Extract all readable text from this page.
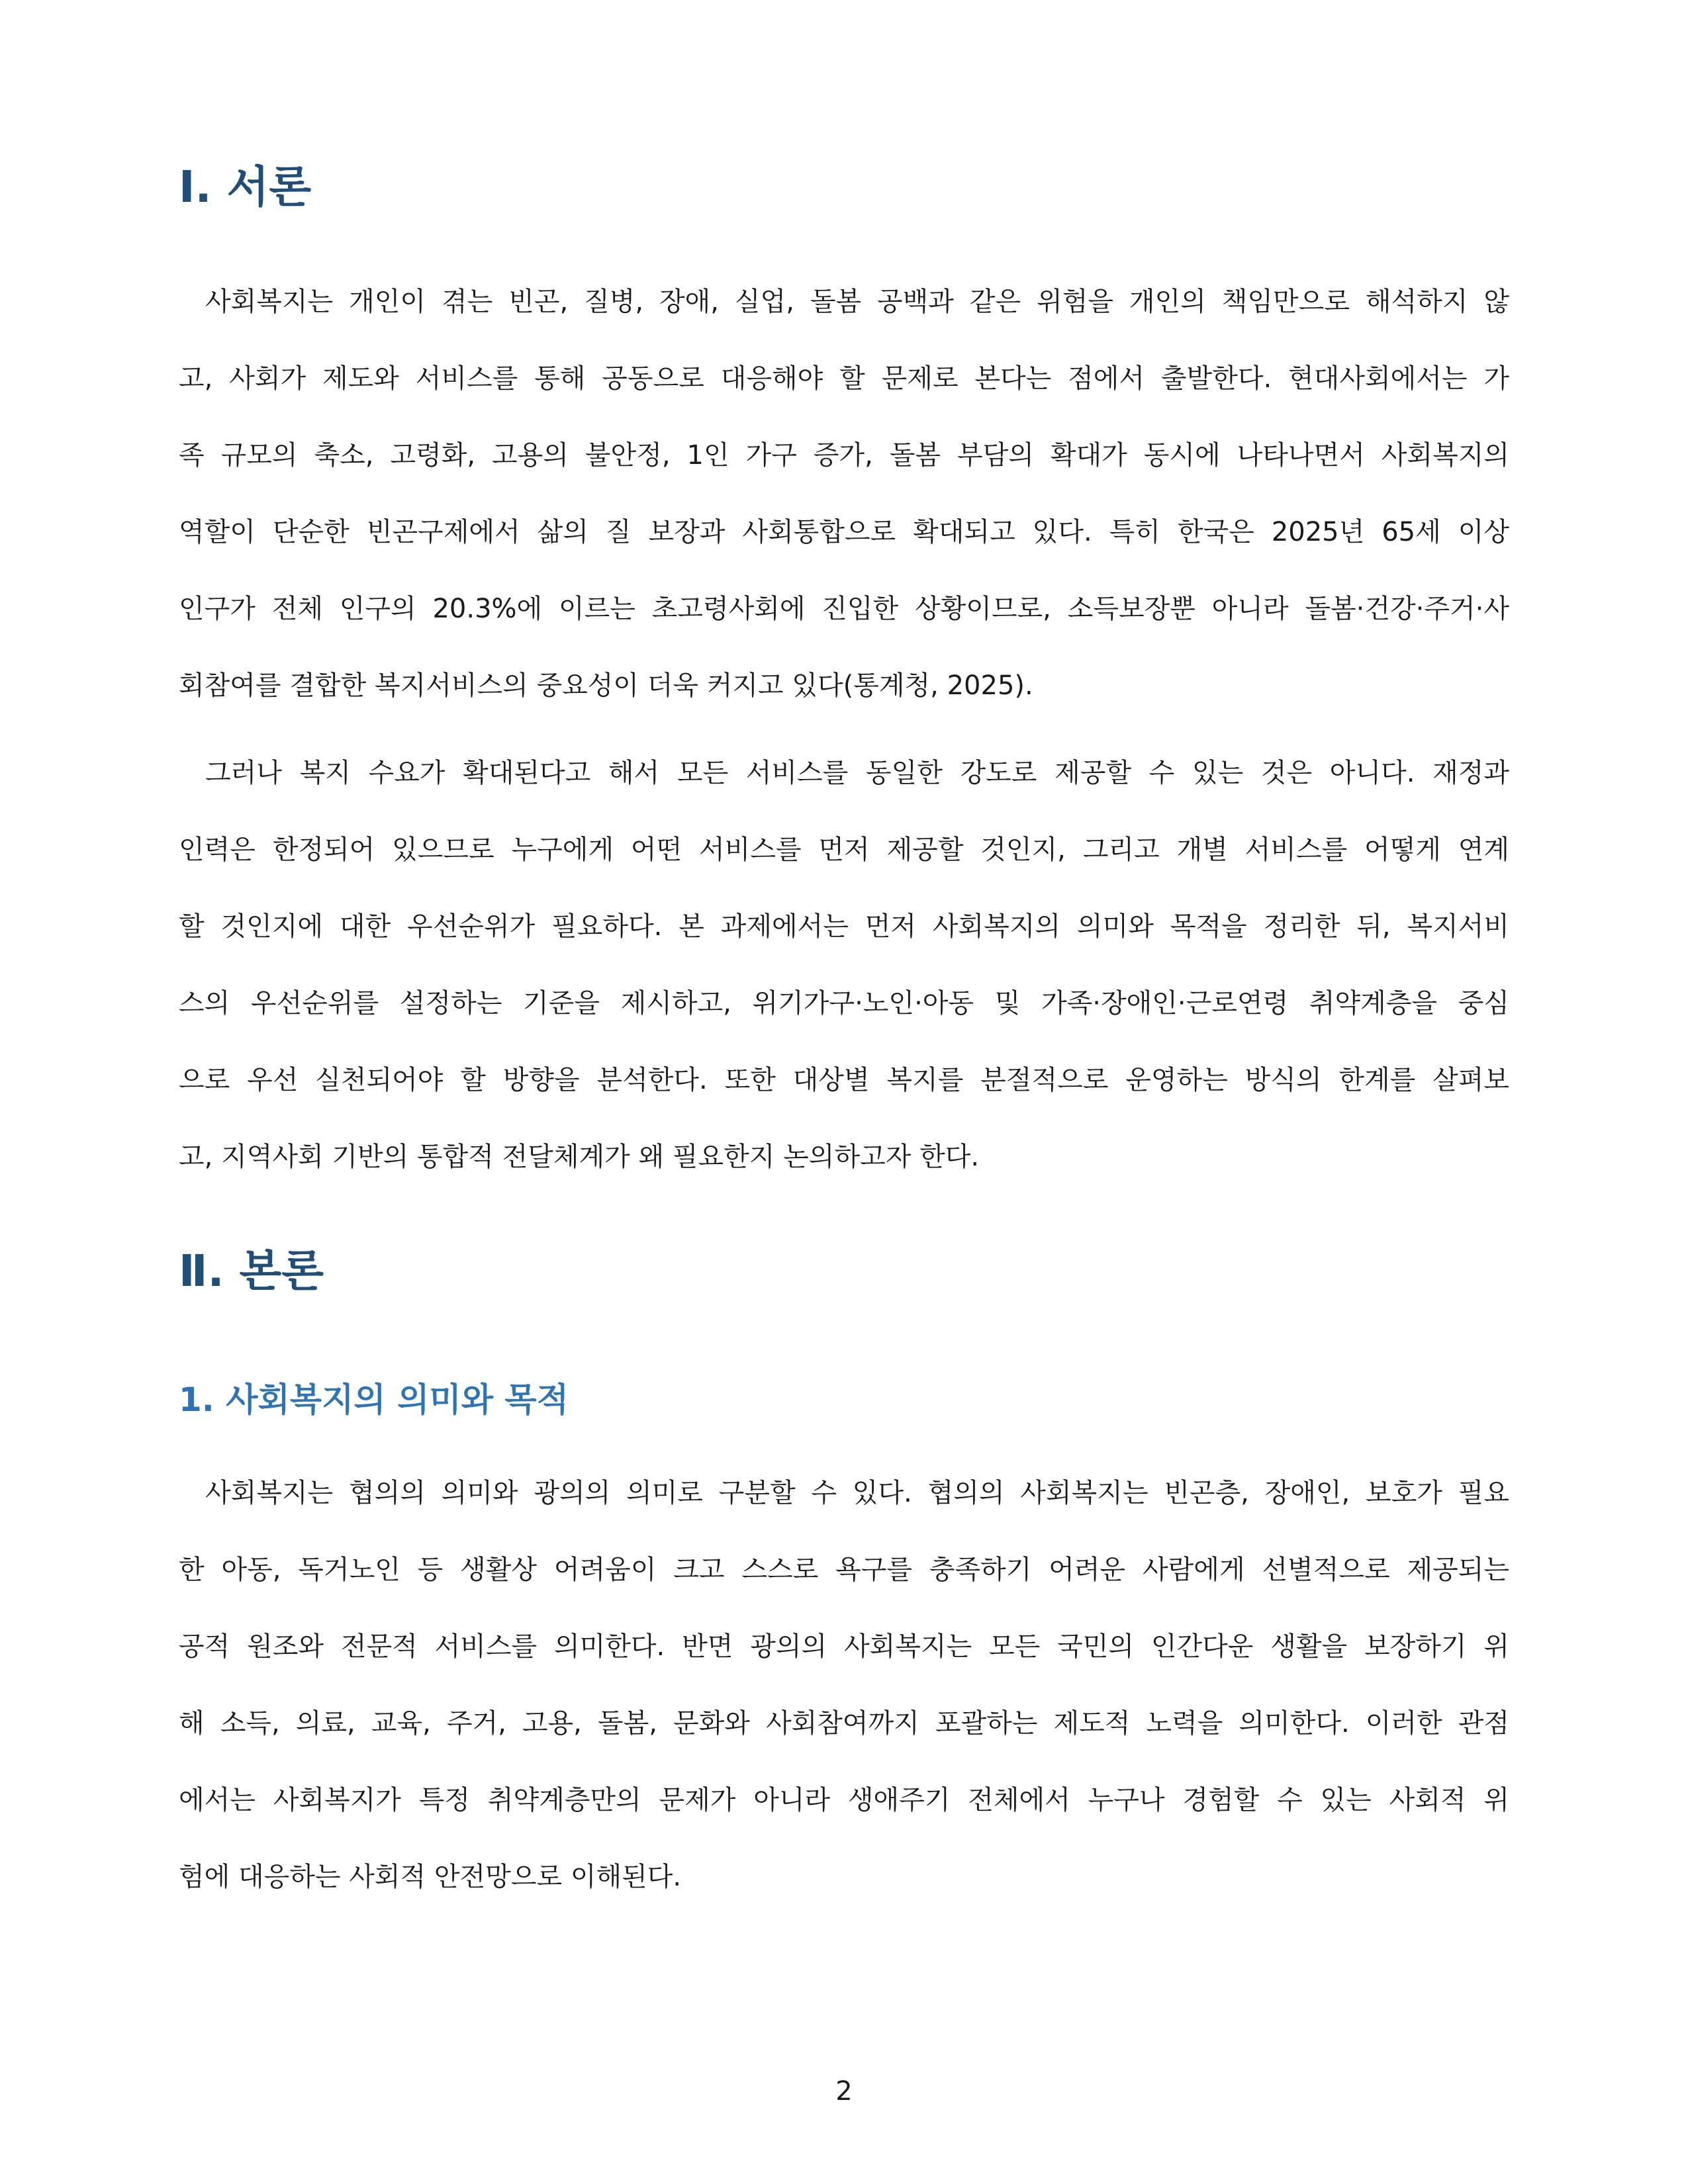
Ⅰ. 서론
사회복지는 개인이 겪는 빈곤, 질병, 장애, 실업, 돌봄 공백과 같은 위험을 개인의 책임만으로 해석하지 않
고, 사회가 제도와 서비스를 통해 공동으로 대응해야 할 문제로 본다는 점에서 출발한다. 현대사회에서는 가
족 규모의 축소, 고령화, 고용의 불안정, 1인 가구 증가, 돌봄 부담의 확대가 동시에 나타나면서 사회복지의
역할이 단순한 빈곤구제에서 삶의 질 보장과 사회통합으로 확대되고 있다. 특히 한국은 2025년 65세 이상
인구가 전체 인구의 20.3%에 이르는 초고령사회에 진입한 상황이므로, 소득보장뿐 아니라 돌봄·건강·주거·사
회참여를 결합한 복지서비스의 중요성이 더욱 커지고 있다(통계청, 2025).
그러나 복지 수요가 확대된다고 해서 모든 서비스를 동일한 강도로 제공할 수 있는 것은 아니다. 재정과
인력은 한정되어 있으므로 누구에게 어떤 서비스를 먼저 제공할 것인지, 그리고 개별 서비스를 어떻게 연계
할 것인지에 대한 우선순위가 필요하다. 본 과제에서는 먼저 사회복지의 의미와 목적을 정리한 뒤, 복지서비
스의 우선순위를 설정하는 기준을 제시하고, 위기가구·노인·아동 및 가족·장애인·근로연령 취약계층을 중심
으로 우선 실천되어야 할 방향을 분석한다. 또한 대상별 복지를 분절적으로 운영하는 방식의 한계를 살펴보
고, 지역사회 기반의 통합적 전달체계가 왜 필요한지 논의하고자 한다.
Ⅱ. 본론
1. 사회복지의 의미와 목적
사회복지는 협의의 의미와 광의의 의미로 구분할 수 있다. 협의의 사회복지는 빈곤층, 장애인, 보호가 필요
한 아동, 독거노인 등 생활상 어려움이 크고 스스로 욕구를 충족하기 어려운 사람에게 선별적으로 제공되는
공적 원조와 전문적 서비스를 의미한다. 반면 광의의 사회복지는 모든 국민의 인간다운 생활을 보장하기 위
해 소득, 의료, 교육, 주거, 고용, 돌봄, 문화와 사회참여까지 포괄하는 제도적 노력을 의미한다. 이러한 관점
에서는 사회복지가 특정 취약계층만의 문제가 아니라 생애주기 전체에서 누구나 경험할 수 있는 사회적 위
험에 대응하는 사회적 안전망으로 이해된다.
2
